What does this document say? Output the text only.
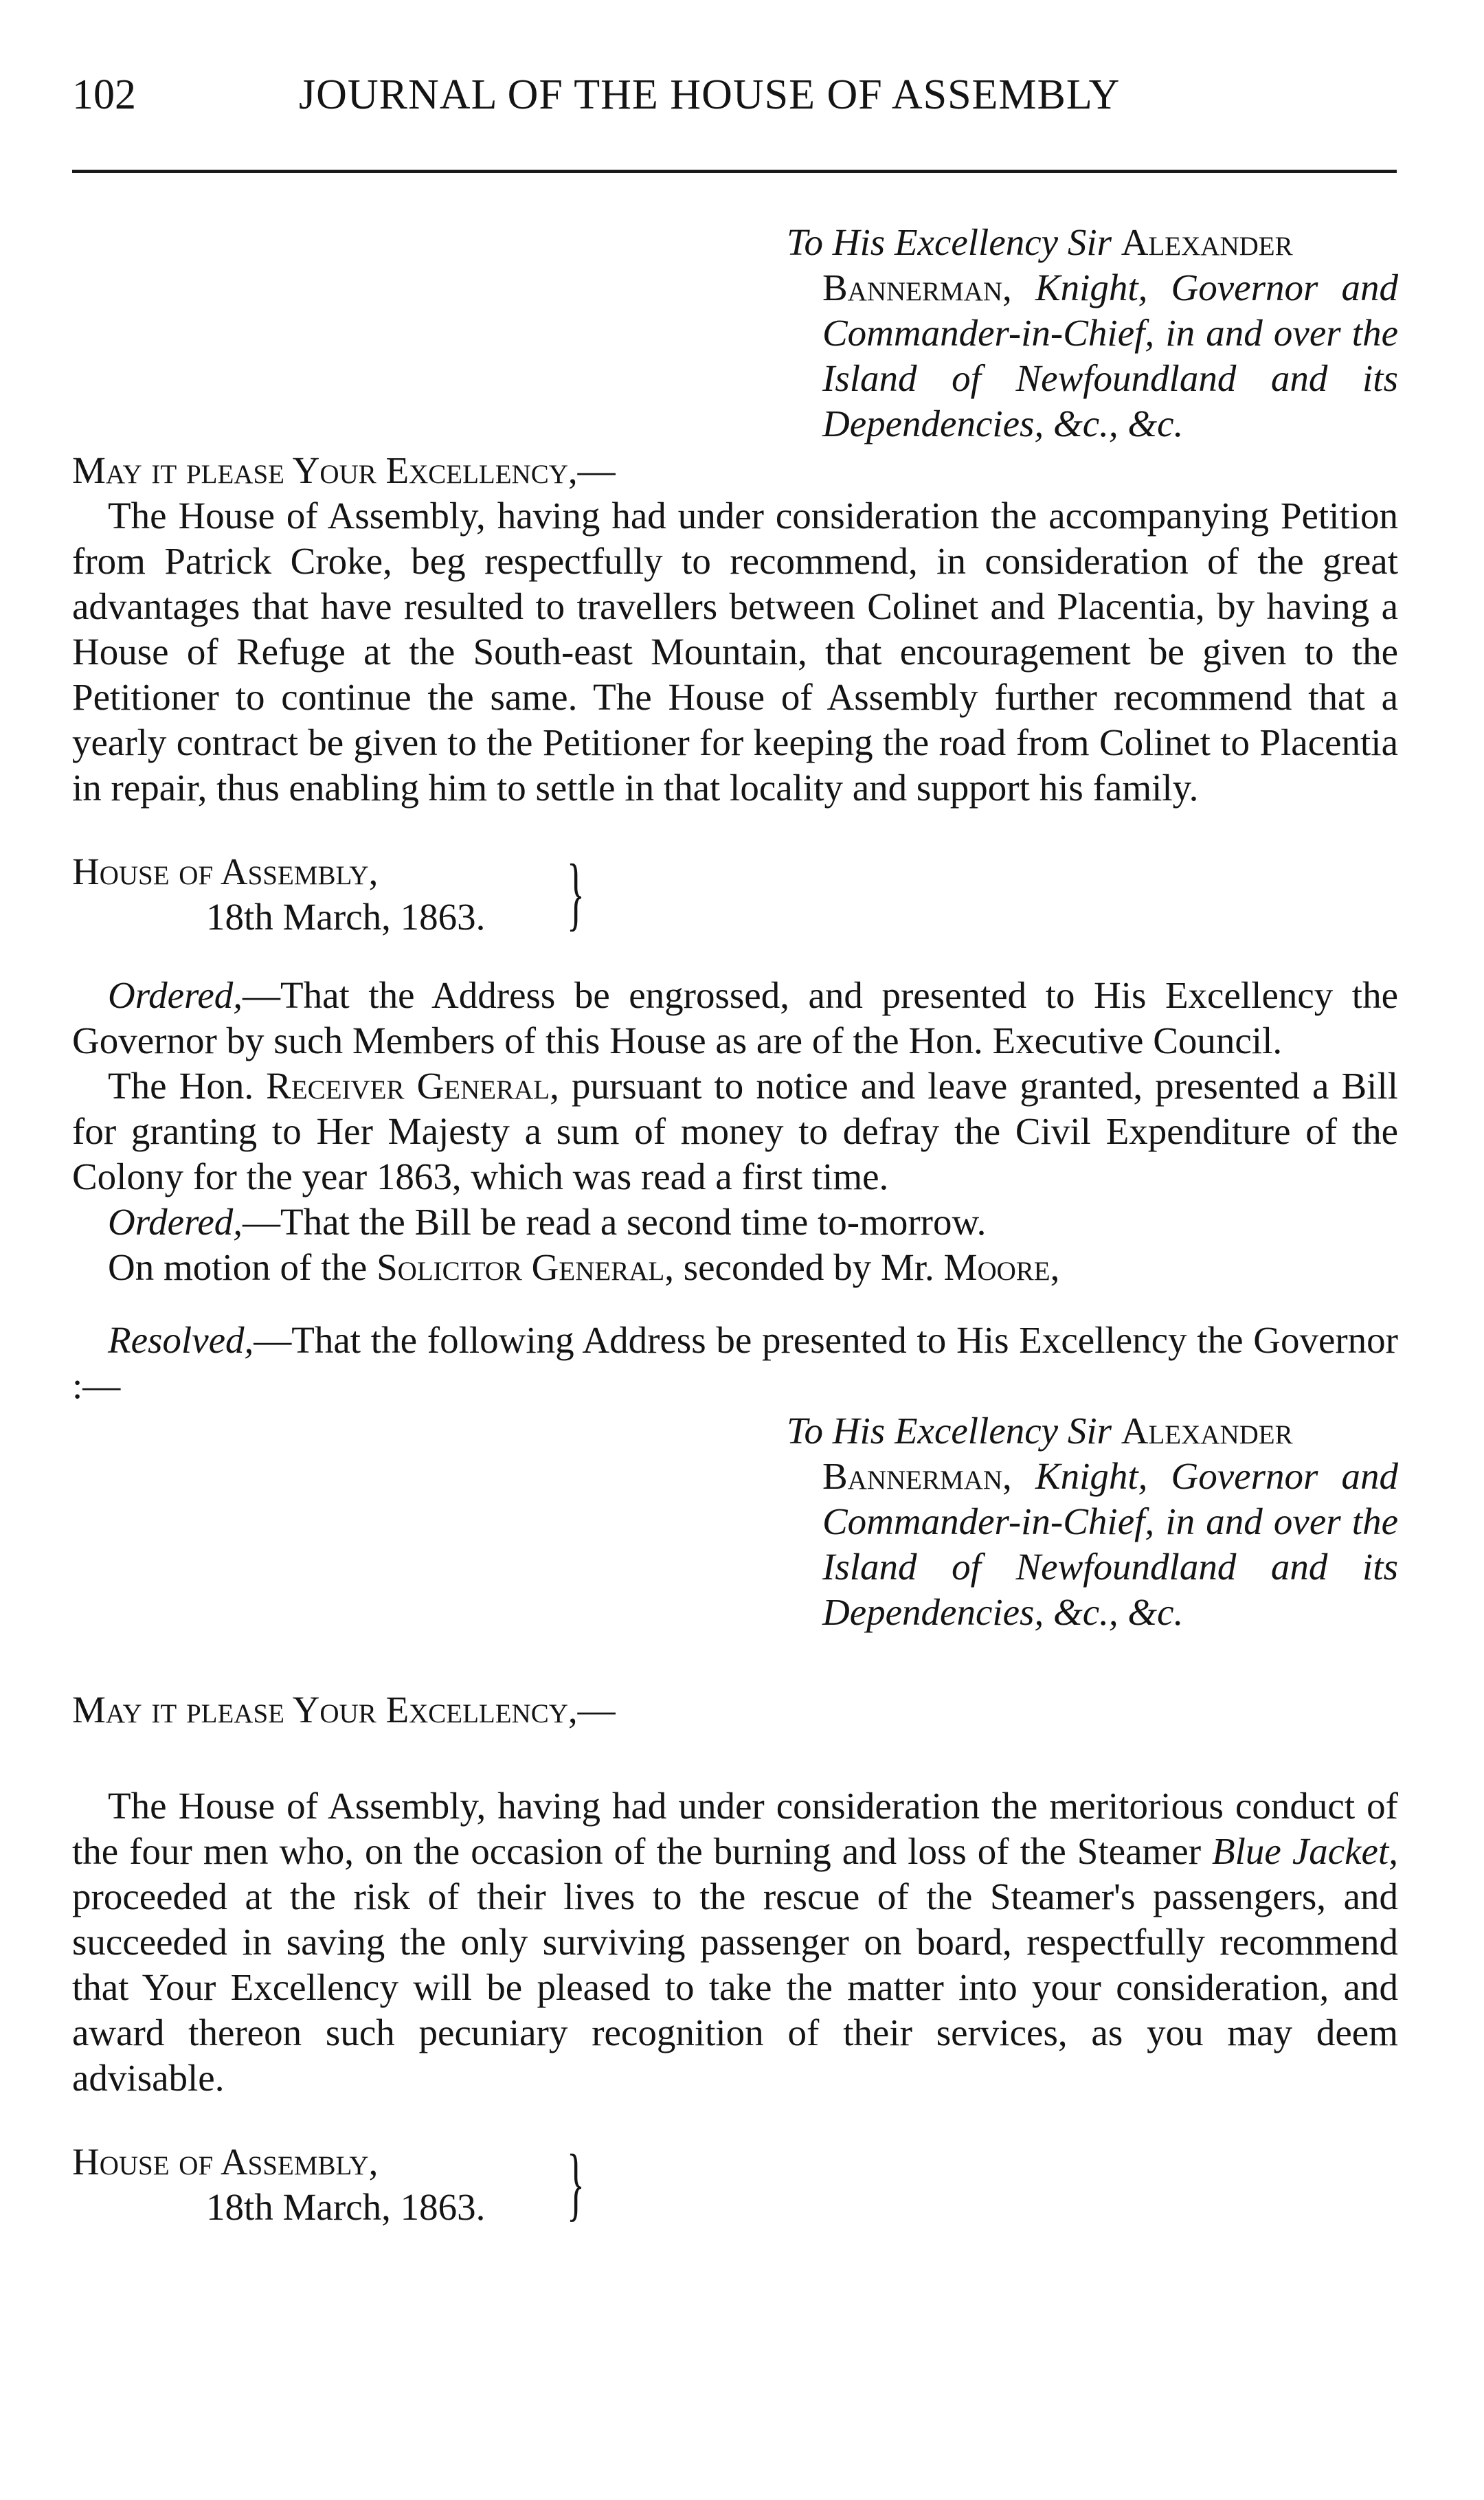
102	JOURNAL OF THE HOUSE OF ASSEMBLY
To His Excellency Sir Alexander
Bannerman, Knight, Governor and Commander-in-Chief, in and over the Island of Newfoundland and its Dependencies, &c., &c.
May it please Your Excellency,—

The House of Assembly, having had under consideration the accompanying Petition from Patrick Croke, beg respectfully to recommend, in consideration of the great advantages that have resulted to travellers between Colinet and Placentia, by having a House of Refuge at the South-east Mountain, that encouragement be given to the Petitioner to continue the same. The House of Assembly further recommend that a yearly contract be given to the Petitioner for keeping the road from Colinet to Placentia in repair, thus enabling him to settle in that locality and support his family.

House of Assembly,
18th March, 1863. }

Ordered,—That the Address be engrossed, and presented to His Excellency the Governor by such Members of this House as are of the Hon. Executive Council.

The Hon. Receiver General, pursuant to notice and leave granted, presented a Bill for granting to Her Majesty a sum of money to defray the Civil Expenditure of the Colony for the year 1863, which was read a first time.

Ordered,—That the Bill be read a second time to-morrow.

On motion of the Solicitor General, seconded by Mr. Moore,

Resolved,—That the following Address be presented to His Excellency the Governor :—

To His Excellency Sir Alexander
Bannerman, Knight, Governor and Commander-in-Chief, in and over the Island of Newfoundland and its Dependencies, &c., &c.
May it please Your Excellency,—

The House of Assembly, having had under consideration the meritorious conduct of the four men who, on the occasion of the burning and loss of the Steamer Blue Jacket, proceeded at the risk of their lives to the rescue of the Steamer's passengers, and succeeded in saving the only surviving passenger on board, respectfully recommend that Your Excellency will be pleased to take the matter into your consideration, and award thereon such pecuniary recognition of their services, as you may deem advisable.

House of Assembly,
18th March, 1863. }
